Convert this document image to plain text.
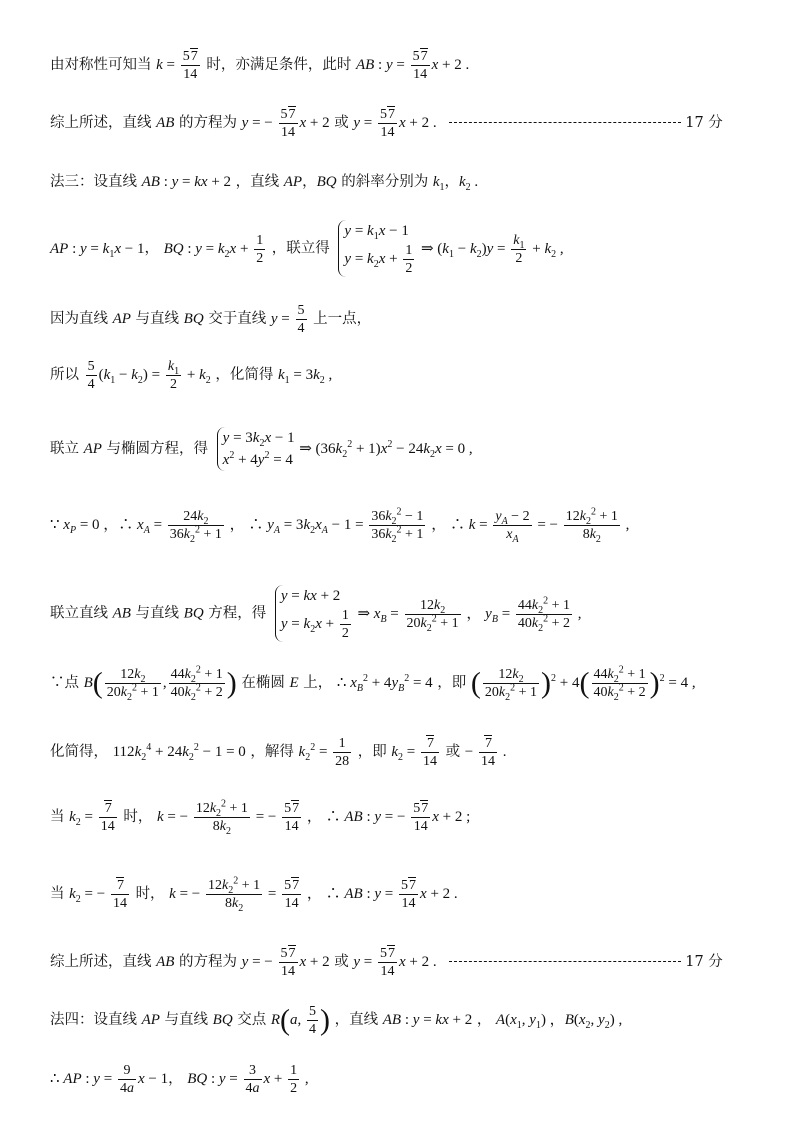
由对称性可知当 $k = \frac{57}{14}$ 时，亦满足条件，此时 AB : $y = \frac{57}{14}$ x + 2 .
综上所述，直线 AB 的方程为 y = − $\frac{57}{14}$ x + 2 或 $y = \frac{57}{14}$ x + 2 .	17 分
法三：设直线 AB : y = kx + 2 ，直线 AP，BQ 的斜率分别为 $k_1$，$k_2$ .
AP : $y = k_1x - 1$， BQ : $y = k_2x + \frac{1}{2}$ ，联立得
$y = k_1x - 1$
$y = k_2x + \frac{1}{2}$ ⇒ $(k_1 - k_2)y = \frac{k_1}{2} + k_2$ ,
因为直线 AP 与直线 BQ 交于直线 $y = \frac{5}{4}$ 上一点，
所以 $\frac{5}{4} (k_1 - k_2) = \frac{k_1}{2} + k_2$ ，化简得 $k_1 = 3k_2$ ,
联立 AP 与椭圆方程，得
$y = 3k_2x - 1$
$x^2 + 4y^2 = 4$
⇒ $(36k_2^2 + 1)x^2 - 24k_2x = 0$ ,
∵ $x_P = 0$ ，∴ $x_A = \frac{24k_2}{36k_2^2 + 1}$ ， ∴ $y_A = 3k_2x_A - 1 = \frac{36k_2^2 - 1}{36k_2^2 + 1}$ ， ∴ $k = \frac{y_A - 2}{x_A}$ = − $\frac{12k_2^2 + 1}{8k_2}$ ,
联立直线 AB 与直线 BQ 方程，得
y = kx + 2
$y = k_2x + \frac{1}{2}$ ⇒ $x_B = \frac{12k_2}{20k_2^2 + 1}$ ， $y_B = \frac{44k_2^2 + 1}{40k_2^2 + 2}$ ,
∵点 $B( \frac{12k_2}{20k_2^2 + 1}$ , $\frac{44k_2^2 + 1}{40k_2^2 + 2}$ ) 在椭圆 E 上， ∴ $x_B^2 + 4y_B^2 = 4$ ，即 ( $\frac{12k_2}{20k_2^2 + 1} )^2 + 4( \frac{44k_2^2 + 1}{40k_2^2 + 2} )^2 = 4$ ,
化简得， $112k_2^4 + 24k_2^2 - 1 = 0$ ，解得 $k_2^2 = \frac{1}{28}$ ，即 $k_2 = \frac{7}{14}$ 或 − $\frac{7}{14}$ .
当 $k_2 = \frac{7}{14}$ 时， k = − $\frac{12k_2^2 + 1}{8k_2}$ = − $\frac{57}{14}$ ， ∴ AB : y = − $\frac{57}{14}$ x + 2 ;
当 $k_2$ = − $\frac{7}{14}$ 时， k = − $\frac{12k_2^2 + 1}{8k_2} = \frac{57}{14}$ ， ∴ AB : $y = \frac{57}{14}$ x + 2 .
综上所述，直线 AB 的方程为 y = − $\frac{57}{14}$ x + 2 或 $y = \frac{57}{14}$ x + 2 .	17 分
法四：设直线 AP 与直线 BQ 交点 R(a, $\frac{5}{4}$ ) ，直线 AB : y = kx + 2 ， $A(x_1$, $y_1$) ，$B(x_2$, $y_2$) ,
∴ AP : $y = \frac{9}{4a}$ x − 1， BQ : $y = \frac{3}{4a}$ $x + \frac{1}{2}$ ,
